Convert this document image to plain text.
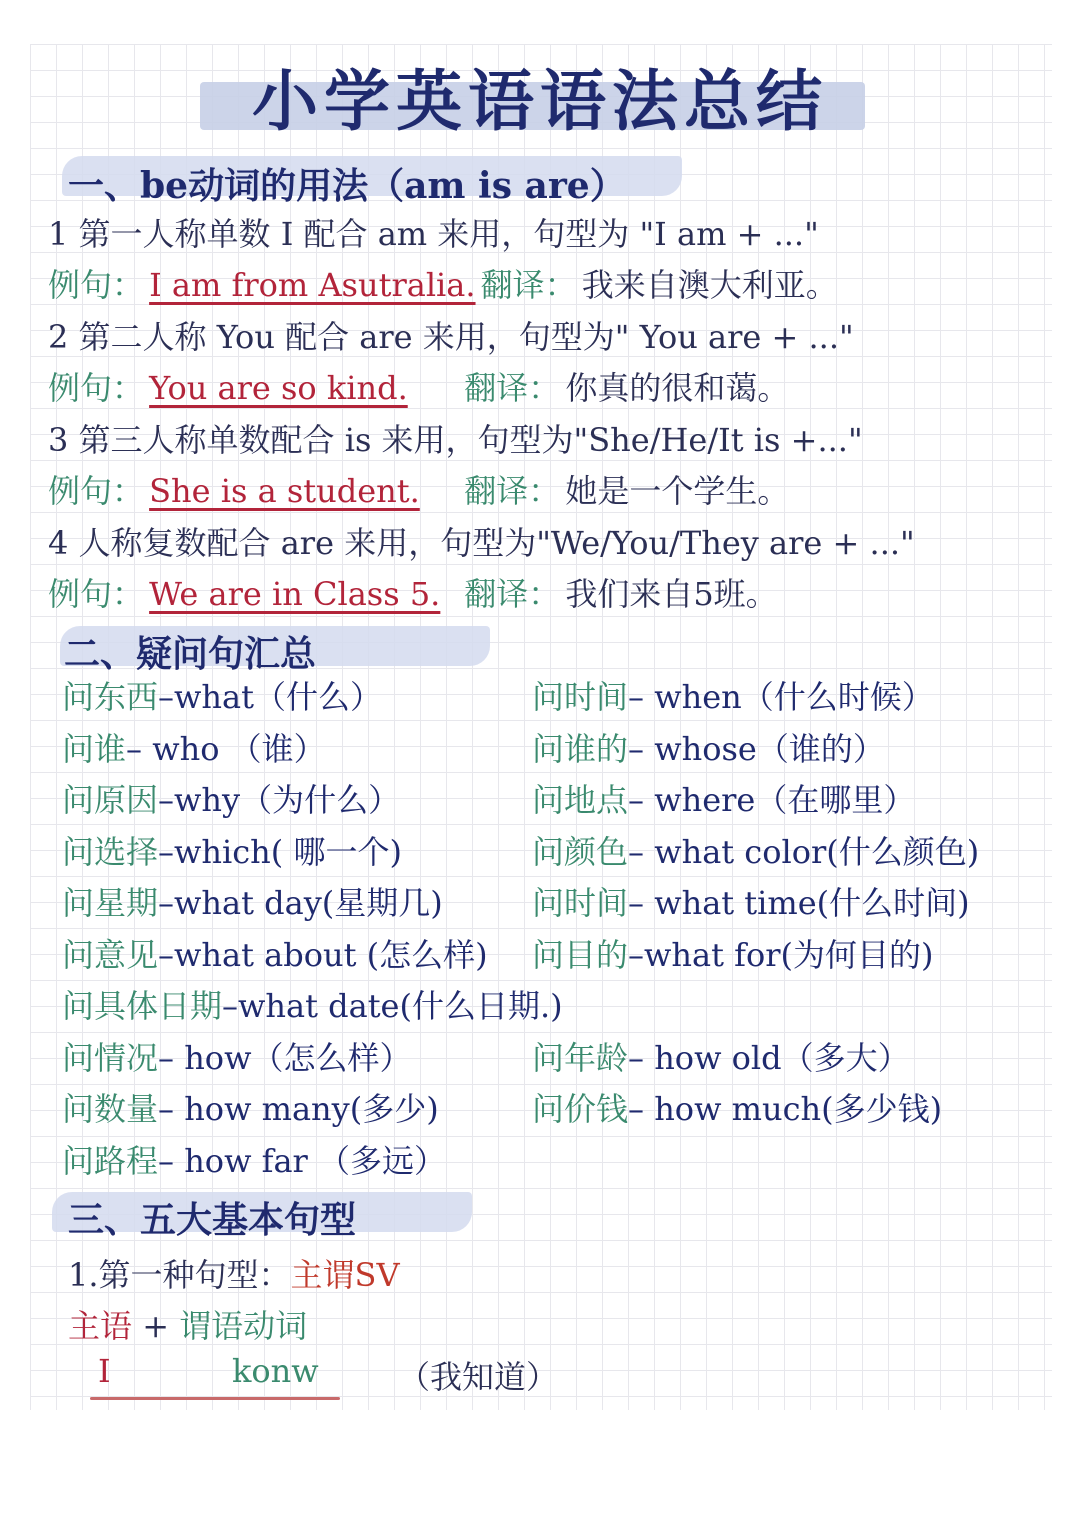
小学英语语法总结
一、be动词的用法（am is are）
1 第一人称单数 I 配合 am 来用，句型为 "I am + ..."
例句： I am from Asutralia. 翻译： 我来自澳大利亚。
2 第二人称 You 配合 are 来用，句型为" You are + ..."
例句： You are so kind. 翻译： 你真的很和蔼。
3 第三人称单数配合 is 来用，句型为"She/He/It is +..."
例句： She is a student. 翻译： 她是一个学生。
4 人称复数配合 are 来用，句型为"We/You/They are + ..."
例句： We are in Class 5. 翻译： 我们来自5班。
二、疑问句汇总
问东西–what（什么）
问谁– who （谁）
问原因–why（为什么）
问选择–which( 哪一个)
问星期–what day(星期几)
问意见–what about (怎么样)
问具体日期–what date(什么日期.)
问情况– how（怎么样）
问数量– how many(多少)
问路程– how far （多远）
问时间– when（什么时候）
问谁的– whose（谁的）
问地点– where（在哪里）
问颜色– what color(什么颜色)
问时间– what time(什么时间)
问目的–what for(为何目的)
问年龄– how old（多大）
问价钱– how much(多少钱)
三、五大基本句型
1.第一种句型：主谓SV
主语 + 谓语动词
I	konw （我知道）
